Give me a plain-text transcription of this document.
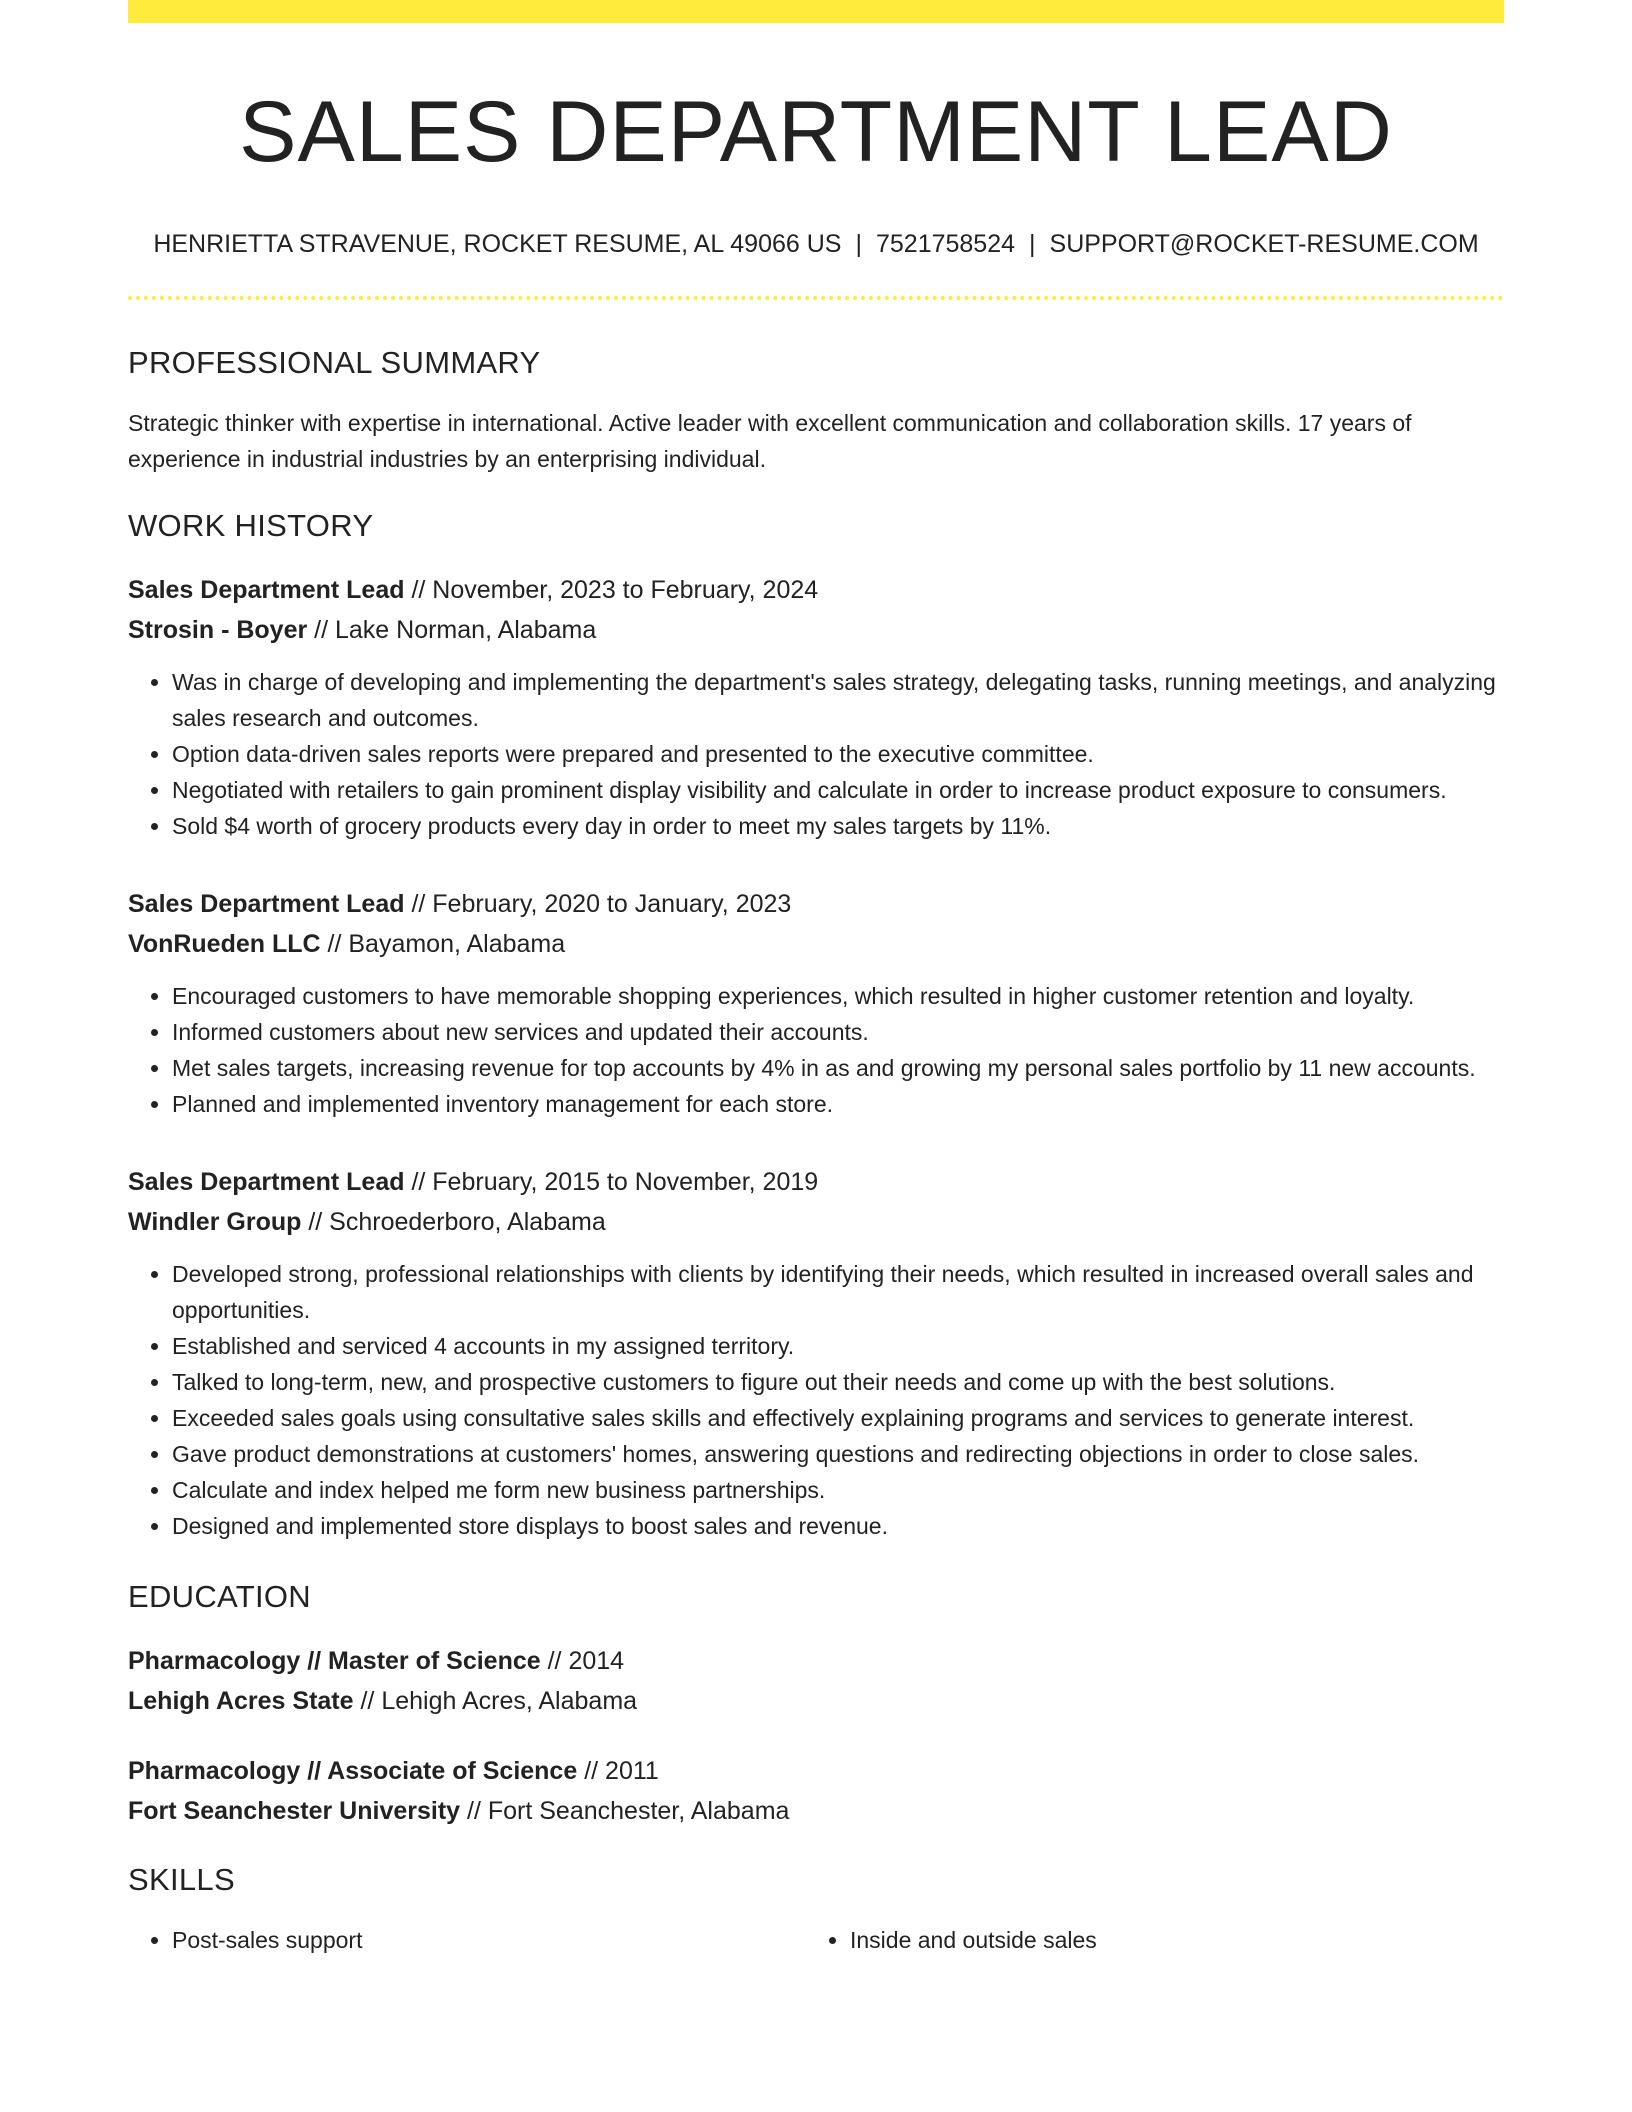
SALES DEPARTMENT LEAD
HENRIETTA STRAVENUE, ROCKET RESUME, AL 49066 US | 7521758524 | SUPPORT@ROCKET-RESUME.COM
PROFESSIONAL SUMMARY
Strategic thinker with expertise in international. Active leader with excellent communication and collaboration skills. 17 years of experience in industrial industries by an enterprising individual.
WORK HISTORY
Sales Department Lead // November, 2023 to February, 2024
Strosin - Boyer // Lake Norman, Alabama
• Was in charge of developing and implementing the department's sales strategy, delegating tasks, running meetings, and analyzing sales research and outcomes.
• Option data-driven sales reports were prepared and presented to the executive committee.
• Negotiated with retailers to gain prominent display visibility and calculate in order to increase product exposure to consumers.
• Sold $4 worth of grocery products every day in order to meet my sales targets by 11%.
Sales Department Lead // February, 2020 to January, 2023
VonRueden LLC // Bayamon, Alabama
• Encouraged customers to have memorable shopping experiences, which resulted in higher customer retention and loyalty.
• Informed customers about new services and updated their accounts.
• Met sales targets, increasing revenue for top accounts by 4% in as and growing my personal sales portfolio by 11 new accounts.
• Planned and implemented inventory management for each store.
Sales Department Lead // February, 2015 to November, 2019
Windler Group // Schroederboro, Alabama
• Developed strong, professional relationships with clients by identifying their needs, which resulted in increased overall sales and opportunities.
• Established and serviced 4 accounts in my assigned territory.
• Talked to long-term, new, and prospective customers to figure out their needs and come up with the best solutions.
• Exceeded sales goals using consultative sales skills and effectively explaining programs and services to generate interest.
• Gave product demonstrations at customers' homes, answering questions and redirecting objections in order to close sales.
• Calculate and index helped me form new business partnerships.
• Designed and implemented store displays to boost sales and revenue.
EDUCATION
Pharmacology // Master of Science // 2014
Lehigh Acres State // Lehigh Acres, Alabama
Pharmacology // Associate of Science // 2011
Fort Seanchester University // Fort Seanchester, Alabama
SKILLS
• Post-sales support
•	Inside and outside sales
